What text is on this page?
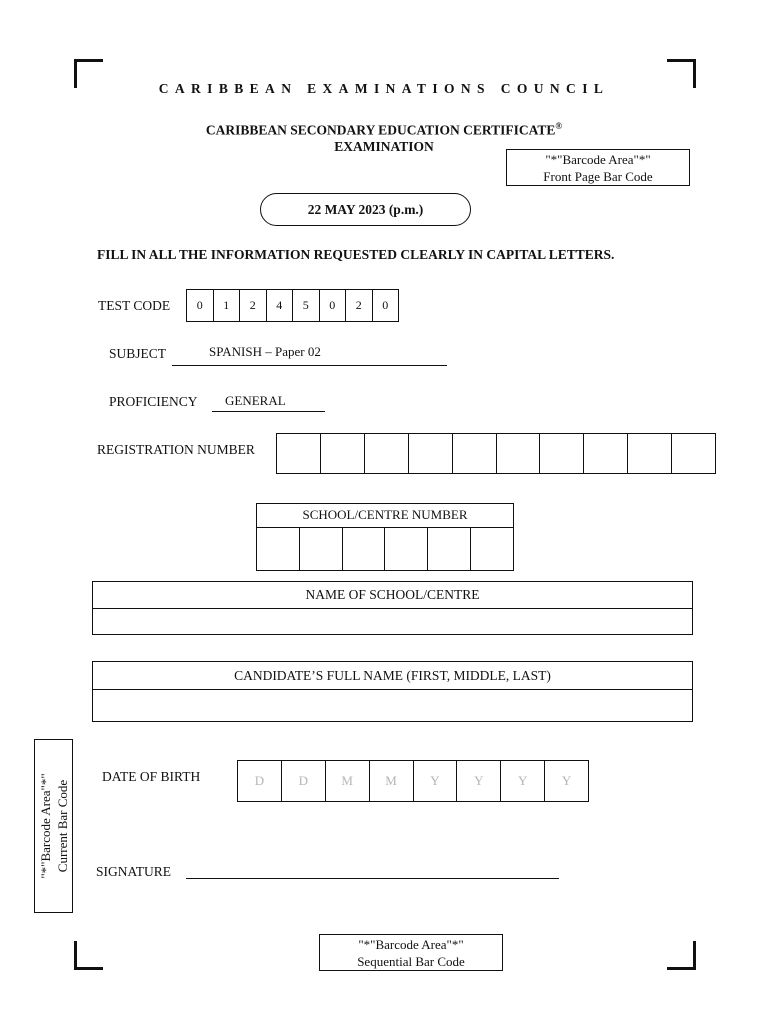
CARIBBEAN EXAMINATIONS COUNCIL
CARIBBEAN SECONDARY EDUCATION CERTIFICATE®
EXAMINATION
"*"Barcode Area"*"
Front Page Bar Code
22 MAY 2023 (p.m.)
FILL IN ALL THE INFORMATION REQUESTED CLEARLY IN CAPITAL LETTERS.
TEST CODE	0	1	2	4	5	0	2	0
SUBJECT	SPANISH – Paper 02
PROFICIENCY	GENERAL
REGISTRATION NUMBER
SCHOOL/CENTRE NUMBER
NAME OF SCHOOL/CENTRE
CANDIDATE’S FULL NAME (FIRST, MIDDLE, LAST)
"*"Barcode Area"*" Current Bar Code
DATE OF BIRTH	D	D	M	M	Y	Y	Y	Y
SIGNATURE
"*"Barcode Area"*"
Sequential Bar Code
